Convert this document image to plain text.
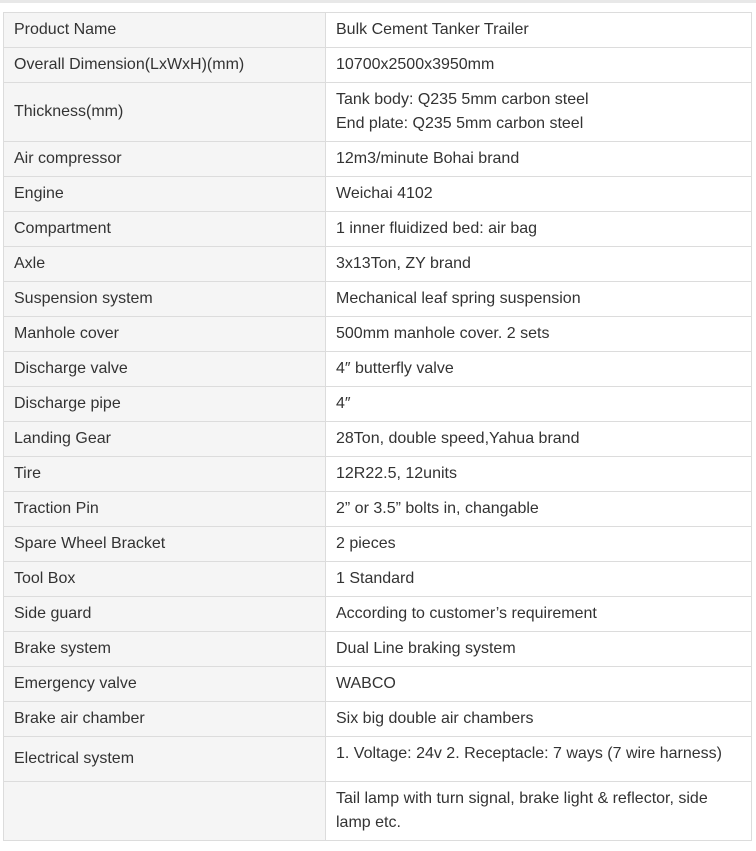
Product Name	Bulk Cement Tanker Trailer

Overall Dimension(LxWxH)(mm)	10700x2500x3950mm

Thickness(mm)	Tank body: Q235 5mm carbon steel
End plate: Q235 5mm carbon steel

Air compressor	12m3/minute Bohai brand

Engine	Weichai 4102

Compartment	1 inner fluidized bed: air bag

Axle	3x13Ton, ZY brand

Suspension system	Mechanical leaf spring suspension

Manhole cover	500mm manhole cover. 2 sets

Discharge valve	4″ butterfly valve

Discharge pipe	4″

Landing Gear	28Ton, double speed,Yahua brand

Tire	12R22.5, 12units

Traction Pin	2” or 3.5” bolts in, changable

Spare Wheel Bracket	2 pieces

Tool Box	1 Standard

Side guard	According to customer’s requirement

Brake system	Dual Line braking system

Emergency valve	WABCO

Brake air chamber	Six big double air chambers

Electrical system	1. Voltage: 24v 2. Receptacle: 7 ways (7 wire harness)

	Tail lamp with turn signal, brake light & reflector, side lamp etc.
